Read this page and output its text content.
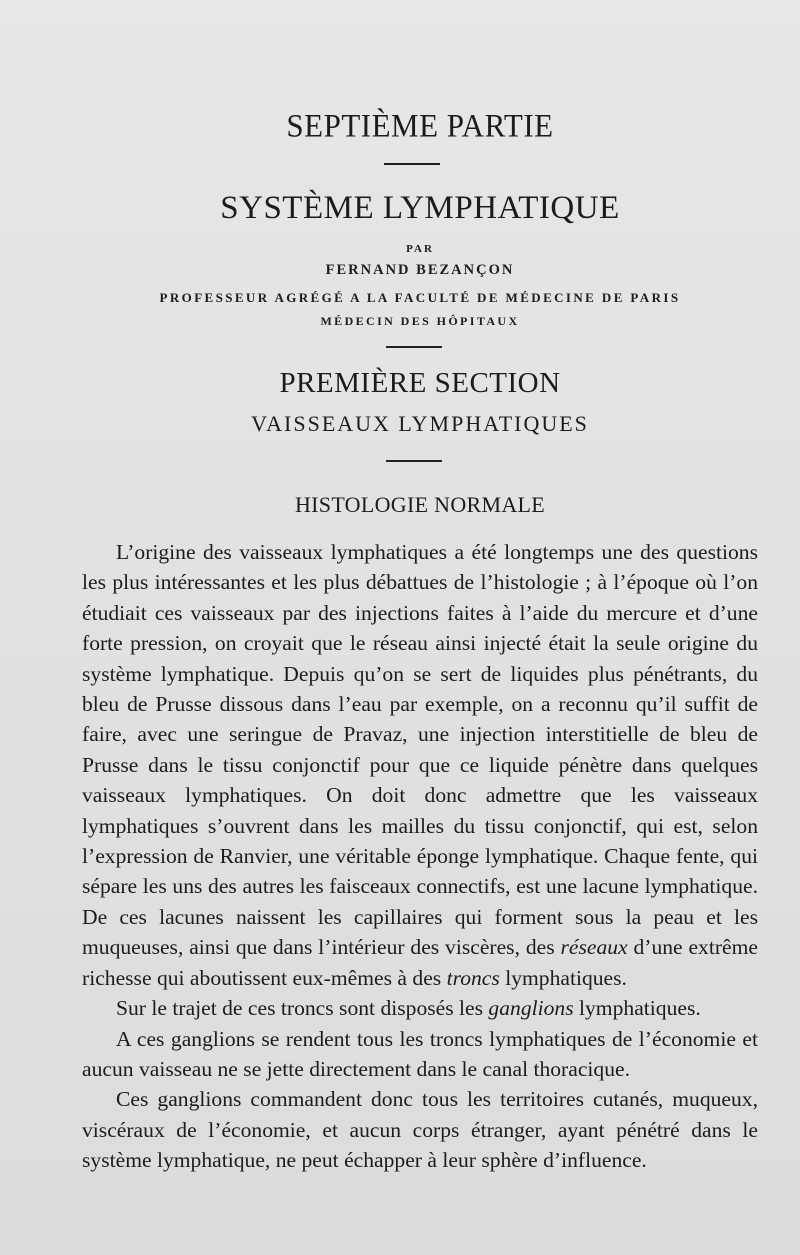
SEPTIÈME PARTIE
SYSTÈME LYMPHATIQUE
PAR
FERNAND BEZANÇON
PROFESSEUR AGRÉGÉ A LA FACULTÉ DE MÉDECINE DE PARIS
MÉDECIN DES HÔPITAUX
PREMIÈRE SECTION
VAISSEAUX LYMPHATIQUES
HISTOLOGIE NORMALE

L’origine des vaisseaux lymphatiques a été longtemps une des questions les plus intéressantes et les plus débattues de l’histologie ; à l’époque où l’on étudiait ces vaisseaux par des injections faites à l’aide du mercure et d’une forte pression, on croyait que le réseau ainsi injecté était la seule origine du système lymphatique. Depuis qu’on se sert de liquides plus pénétrants, du bleu de Prusse dissous dans l’eau par exemple, on a reconnu qu’il suffit de faire, avec une seringue de Pravaz, une injection interstitielle de bleu de Prusse dans le tissu conjonctif pour que ce liquide pénètre dans quelques vaisseaux lymphatiques. On doit donc admettre que les vaisseaux lymphatiques s’ouvrent dans les mailles du tissu conjonctif, qui est, selon l’expression de Ranvier, une véritable éponge lymphatique. Chaque fente, qui sépare les uns des autres les faisceaux connectifs, est une lacune lymphatique. De ces lacunes naissent les capillaires qui forment sous la peau et les muqueuses, ainsi que dans l’intérieur des viscères, des réseaux d’une extrême richesse qui aboutissent eux-mêmes à des troncs lymphatiques.

Sur le trajet de ces troncs sont disposés les ganglions lymphatiques.

A ces ganglions se rendent tous les troncs lymphatiques de l’économie et aucun vaisseau ne se jette directement dans le canal thoracique.

Ces ganglions commandent donc tous les territoires cutanés, muqueux, viscéraux de l’économie, et aucun corps étranger, ayant pénétré dans le système lymphatique, ne peut échapper à leur sphère d’influence.
